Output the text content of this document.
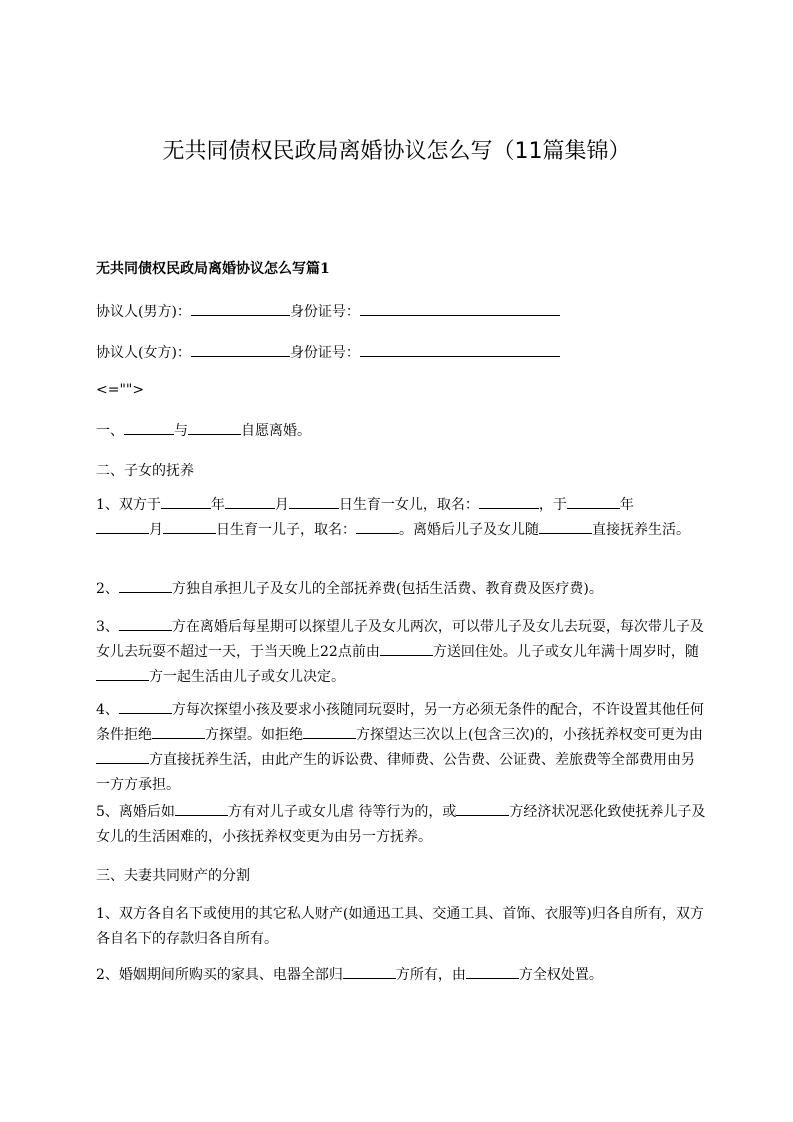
无共同债权民政局离婚协议怎么写（11篇集锦）
无共同债权民政局离婚协议怎么写篇1
协议人(男方)：	身份证号：
协议人(女方)：	身份证号：
<="">
一、	与	自愿离婚。
二、子女的抚养
1、双方于	年	月	日生育一女儿，取名：	，于	年
月	日生育一儿子，取名：	。离婚后儿子及女儿随	直接抚养生活。
2、	方独自承担儿子及女儿的全部抚养费(包括生活费、教育费及医疗费)。
3、	方在离婚后每星期可以探望儿子及女儿两次，可以带儿子及女儿去玩耍，每次带儿子及女儿去玩耍不超过一天，于当天晚上22点前由	方送回住处。儿子或女儿年满十周岁时，随方一起生活由儿子或女儿决定。
4、	方每次探望小孩及要求小孩随同玩耍时，另一方必须无条件的配合，不许设置其他任何条件拒绝	方探望。如拒绝	方探望达三次以上(包含三次)的，小孩抚养权变可更为由方直接抚养生活，由此产生的诉讼费、律师费、公告费、公证费、差旅费等全部费用由另一方方承担。
5、离婚后如	方有对儿子或女儿虐 待等行为的，或	方经济状况恶化致使抚养儿子及女儿的生活困难的，小孩抚养权变更为由另一方抚养。
三、夫妻共同财产的分割
1、双方各自名下或使用的其它私人财产(如通迅工具、交通工具、首饰、衣服等)归各自所有，双方各自名下的存款归各自所有。
2、婚姻期间所购买的家具、电器全部归	方所有，由	方全权处置。
